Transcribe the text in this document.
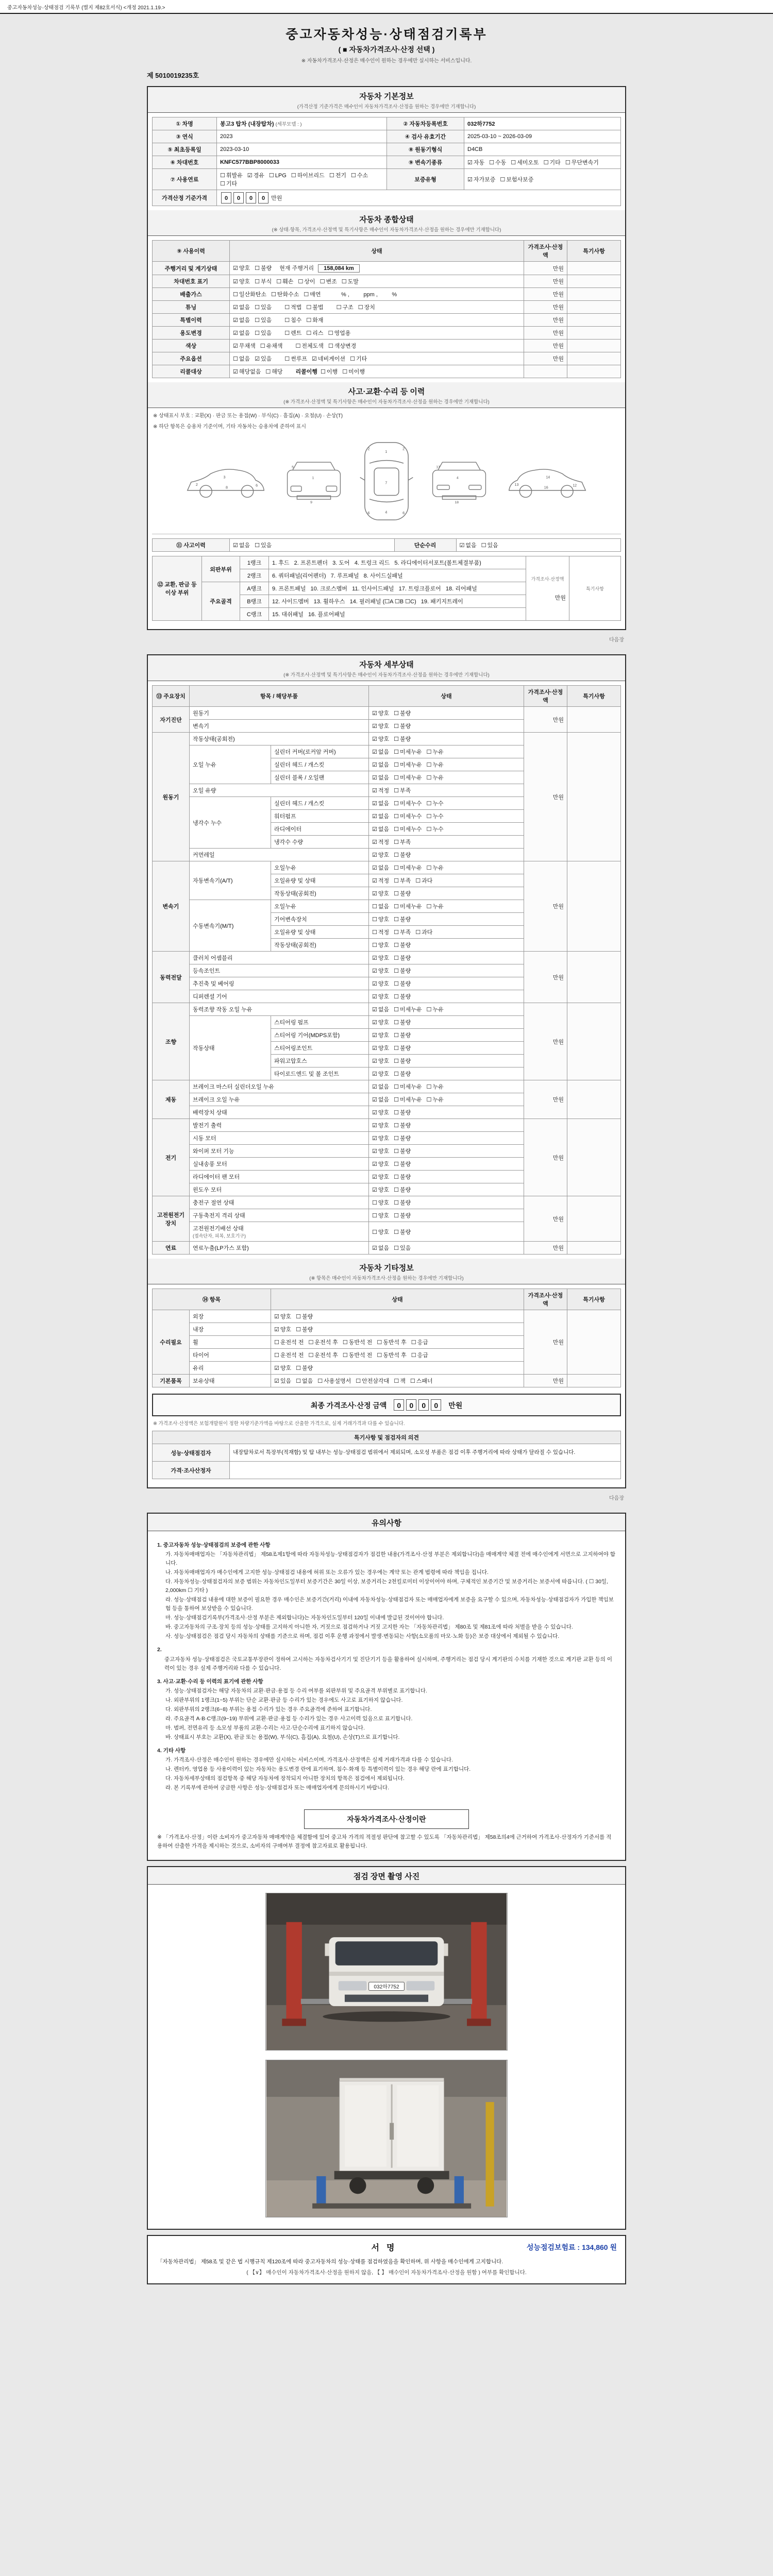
중고자동차성능·상태점검 기록부 (별지 제82호서식) <개정 2021.1.19.>
중고자동차성능·상태점검기록부
( ■ 자동차가격조사·산정 선택 )
※ 자동차가격조사·산정은 매수인이 원하는 경우에만 실시하는 서비스입니다.
제 5010019235호
자동차 기본정보
(가격산정 기준가격은 매수인이 자동차가격조사·산정을 원하는 경우에만 기재합니다)
① 차명	봉고3 탑차 (내장탑차) (세부모델 : )	② 자동차등록번호	032하7752
③ 연식	2023	④ 검사 유효기간	2025-03-10 ~ 2026-03-09
⑤ 최초등록일	2023-03-10	⑧ 원동기형식	D4CB
⑥ 차대번호	KNFC577BBP8000033	⑨ 변속기종류	☑ 자동 ☐ 수동 ☐ 세미오토 ☐ 기타 ☐ 무단변속기
⑦ 사용연료	☐ 휘발유 ☑ 경유 ☐ LPG ☐ 하이브리드 ☐ 전기 ☐ 수소☐ 기타	보증유형	☑ 자가보증 ☐ 보험사보증
가격산정 기준가격	0 0 0 0 만원		
자동차 종합상태
(※ 상태·항목, 가격조사·산정액 및 특기사항은 매수인이 자동차가격조사·산정을 원하는 경우에만 기재합니다)
⑨ 사용이력	상태	가격조사·산정액	특기사항
주행거리 및 계기상태	☑ 양호 ☐ 불량 현재 주행거리 158,084 km	만원	
차대번호 표기	☑ 양호 ☐ 부식 ☐ 훼손 ☐ 상이 ☐ 변조 ☐ 도말	만원	
배출가스	☐ 일산화탄소 ☐ 탄화수소 ☐ 매연        % ,         ppm ,         %	만원	
튜닝	☑ 없음 ☐ 있음 ☐ 적법 ☐ 불법 ☐ 구조 ☐ 장치	만원	
특별이력	☑ 없음 ☐ 있음 ☐ 침수 ☐ 화재	만원	
용도변경	☑ 없음 ☐ 있음 ☐ 렌트 ☐ 리스 ☐ 영업용	만원	
색상	☑ 무채색 ☐ 유채색 ☐ 전체도색 ☐ 색상변경	만원	
주요옵션	☐ 없음 ☑ 있음 ☐ 썬루프 ☑ 네비게이션 ☐ 기타	만원	
리콜대상	☑ 해당없음 ☐ 해당 리콜이행 ☐ 이행 ☐ 미이행		
사고·교환·수리 등 이력
(※ 가격조사·산정액 및 특기사항은 매수인이 자동차가격조사·산정을 원하는 경우에만 기재합니다)
※ 상태표시 부호 : 교환(X) · 판금 또는 용접(W) · 부식(C) · 흠집(A) · 요철(U) · 손상(T)
※ 하단 항목은 승용차 기준이며, 기타 자동차는 승용차에 준하여 표시
3
2	6
8
1
9
5
1
7
4
2	2
6	6
4
18
17
14
13	12
16
⑪ 사고이력	☑ 없음 ☐ 있음	단순수리	☑ 없음 ☐ 있음
⑫ 교환, 판금 등 이상 부위	외판부위	1랭크	1. 후드   2. 프론트펜더   3. 도어   4. 트렁크 리드   5. 라디에이터서포트(볼트체결부품)	가격조사·산정액
만원	특기사항

		2랭크	6. 쿼터패널(리어펜더)   7. 루프패널   8. 사이드실패널		
	주요골격	A랭크	9. 프론트패널   10. 크로스멤버   11. 인사이드패널   17. 트렁크플로어   18. 리어패널		
		B랭크	12. 사이드멤버   13. 휠하우스   14. 필러패널 (☐A ☐B ☐C)   19. 패키지트레이		
		C랭크	15. 대쉬패널   16. 플로어패널		
다음장
자동차 세부상태
(※ 가격조사·산정액 및 특기사항은 매수인이 자동차가격조사·산정을 원하는 경우에만 기재합니다)
⑬ 주요장치	항목 / 해당부품		상태	가격조사·산정액	특기사항
자기진단	원동기		☑ 양호 ☐ 불량	만원	
	변속기		☑ 양호 ☐ 불량		
원동기	작동상태(공회전)		☑ 양호 ☐ 불량	만원	
	오일 누유	실린더 커버(로커암 커버)	☑ 없음 ☐ 미세누유 ☐ 누유		
		실린더 헤드 / 개스킷	☑ 없음 ☐ 미세누유 ☐ 누유		
		실린더 블록 / 오일팬	☑ 없음 ☐ 미세누유 ☐ 누유		
	오일 유량		☑ 적정 ☐ 부족		
	냉각수 누수	실린더 헤드 / 개스킷	☑ 없음 ☐ 미세누수 ☐ 누수		
		워터펌프	☑ 없음 ☐ 미세누수 ☐ 누수		
		라디에이터	☑ 없음 ☐ 미세누수 ☐ 누수		
		냉각수 수량	☑ 적정 ☐ 부족		
	커먼레일		☑ 양호 ☐ 불량		
변속기	자동변속기(A/T)	오일누유	☑ 없음 ☐ 미세누유 ☐ 누유	만원	
		오일유량 및 상태	☑ 적정 ☐ 부족 ☐ 과다		
		작동상태(공회전)	☑ 양호 ☐ 불량		
	수동변속기(M/T)	오일누유	☐ 없음 ☐ 미세누유 ☐ 누유		
		기어변속장치	☐ 양호 ☐ 불량		
		오일유량 및 상태	☐ 적정 ☐ 부족 ☐ 과다		
		작동상태(공회전)	☐ 양호 ☐ 불량		
동력전달	클러치 어셈블리		☑ 양호 ☐ 불량	만원	
	등속조인트		☑ 양호 ☐ 불량		
	추진축 및 베어링		☑ 양호 ☐ 불량		
	디퍼렌셜 기어		☑ 양호 ☐ 불량		
조향	동력조향 작동 오일 누유		☑ 없음 ☐ 미세누유 ☐ 누유	만원	
	작동상태	스티어링 펌프	☑ 양호 ☐ 불량		
		스티어링 기어(MDPS포함)	☑ 양호 ☐ 불량		
		스티어링조인트	☑ 양호 ☐ 불량		
		파워고압호스	☑ 양호 ☐ 불량		
		타이로드엔드 및 볼 조인트	☑ 양호 ☐ 불량		
제동	브레이크 마스터 실린더오일 누유		☑ 없음 ☐ 미세누유 ☐ 누유	만원	
	브레이크 오일 누유		☑ 없음 ☐ 미세누유 ☐ 누유		
	배력장치 상태		☑ 양호 ☐ 불량		
전기	발전기 출력		☑ 양호 ☐ 불량	만원	
	시동 모터		☑ 양호 ☐ 불량		
	와이퍼 모터 기능		☑ 양호 ☐ 불량		
	실내송풍 모터		☑ 양호 ☐ 불량		
	라디에이터 팬 모터		☑ 양호 ☐ 불량		
	윈도우 모터		☑ 양호 ☐ 불량		
고전원전기장치	충전구 절연 상태		☐ 양호 ☐ 불량	만원	
	구동축전지 격리 상태		☐ 양호 ☐ 불량		
	고전원전기배선 상태
(접속단자, 피복, 보호기구)		☐ 양호 ☐ 불량		
연료	연료누출(LP가스 포함)		☑ 없음 ☐ 있음	만원	
자동차 기타정보
(※ 항목은 매수인이 자동차가격조사·산정을 원하는 경우에만 기재합니다)
⑭ 항목		상태	가격조사·산정액	특기사항
수리필요	외장	☑ 양호 ☐ 불량	만원	
	내장	☑ 양호 ☐ 불량		
	휠	☐ 운전석 전 ☐ 운전석 후 ☐ 동반석 전 ☐ 동반석 후 ☐ 응급		
	타이어	☐ 운전석 전 ☐ 운전석 후 ☐ 동반석 전 ☐ 동반석 후 ☐ 응급		
	유리	☑ 양호 ☐ 불량		
기본품목	보유상태	☑ 있음 ☐ 없음 ☐ 사용설명서 ☐ 안전삼각대 ☐ 잭 ☐ 스패너	만원	
최종 가격조사·산정 금액 0 0 0 0 만원
※ 가격조사·산정액은 보험개발원이 정한 차량기준가액을 바탕으로 산출한 가격으로, 실제 거래가격과 다를 수 있습니다.
특기사항 및 점검자의 의견	
성능·상태점검자	내장탑차로서 특장부(적재함) 및 탑 내부는 성능·상태점검 범위에서 제외되며, 소모성 부품은 점검 이후 주행거리에 따라 상태가 달라질 수 있습니다.
가격·조사산정자	
다음장
유의사항
1. 중고자동차 성능·상태점검의 보증에 관한 사항
가. 자동차매매업자는 「자동차관리법」 제58조제1항에 따라 자동차성능·상태점검자가 점검한 내용(가격조사·산정 부분은 제외합니다)을 매매계약 체결 전에 매수인에게 서면으로 고지하여야 합니다.
나. 자동차매매업자가 매수인에게 고지한 성능·상태점검 내용에 허위 또는 오류가 있는 경우에는 계약 또는 관계 법령에 따라 책임을 집니다.
다. 자동차성능·상태점검자의 보증 범위는 자동차인도일부터 보증기간은 30일 이상, 보증거리는 2천킬로미터 이상이어야 하며, 구체적인 보증기간 및 보증거리는 보증서에 따릅니다. ( ☐ 30일, 2,000km ☐ 기타 )
라. 성능·상태점검 내용에 대한 보증이 필요한 경우 매수인은 보증기간(거리) 이내에 자동차성능·상태점검자 또는 매매업자에게 보증을 요구할 수 있으며, 자동차성능·상태점검자가 가입한 책임보험 등을 통하여 보상받을 수 있습니다.
마. 성능·상태점검기록부(가격조사·산정 부분은 제외합니다)는 자동차인도일부터 120일 이내에 발급된 것이어야 합니다.
바. 중고자동차의 구조·장치 등의 성능·상태를 고지하지 아니한 자, 거짓으로 점검하거나 거짓 고지한 자는 「자동차관리법」 제80조 및 제81조에 따라 처벌을 받을 수 있습니다.
사. 성능·상태점검은 점검 당시 자동차의 상태를 기준으로 하며, 점검 이후 운행 과정에서 발생·변동되는 사항(소모품의 마모·노화 등)은 보증 대상에서 제외될 수 있습니다.
2.
중고자동차 성능·상태점검은 국토교통부장관이 정하여 고시하는 자동차검사기기 및 진단기기 등을 활용하여 실시하며, 주행거리는 점검 당시 계기판의 수치를 기재한 것으로 계기판 교환 등의 이력이 있는 경우 실제 주행거리와 다를 수 있습니다.
3. 사고·교환·수리 등 이력의 표기에 관한 사항
가. 성능·상태점검자는 해당 자동차의 교환·판금·용접 등 수리 여부를 외판부위 및 주요골격 부위별로 표기합니다.
나. 외판부위의 1랭크(1~5) 부위는 단순 교환·판금 등 수리가 있는 경우에도 사고로 표기하지 않습니다.
다. 외판부위의 2랭크(6~8) 부위는 용접 수리가 있는 경우 주요골격에 준하여 표기합니다.
라. 주요골격 A·B·C랭크(9~19) 부위에 교환·판금·용접 등 수리가 있는 경우 사고이력 있음으로 표기합니다.
마. 범퍼, 전면유리 등 소모성 부품의 교환·수리는 사고·단순수리에 표기하지 않습니다.
바. 상태표시 부호는 교환(X), 판금 또는 용접(W), 부식(C), 흠집(A), 요철(U), 손상(T)으로 표기합니다.
4. 기타 사항
가. 가격조사·산정은 매수인이 원하는 경우에만 실시하는 서비스이며, 가격조사·산정액은 실제 거래가격과 다를 수 있습니다.
나. 렌터카, 영업용 등 사용이력이 있는 자동차는 용도변경 란에 표기하며, 침수·화재 등 특별이력이 있는 경우 해당 란에 표기합니다.
다. 자동차세부상태의 점검항목 중 해당 자동차에 장착되지 아니한 장치의 항목은 점검에서 제외됩니다.
라. 본 기록부에 관하여 궁금한 사항은 성능·상태점검자 또는 매매업자에게 문의하시기 바랍니다.
자동차가격조사·산정이란
※ 「가격조사·산정」이란 소비자가 중고자동차 매매계약을 체결함에 있어 중고차 가격의 적절성 판단에 참고할 수 있도록 「자동차관리법」 제58조의4에 근거하여 가격조사·산정자가 기준서를 적용하여 산출한 가격을 제시하는 것으로, 소비자의 구매여부 결정에 참고자료로 활용됩니다.
점검 장면 촬영 사진
032하7752
서명	성능점검보험료 : 134,860 원
「자동차관리법」 제58조 및 같은 법 시행규칙 제120조에 따라 중고자동차의 성능·상태를 점검하였음을 확인하며, 위 사항을 매수인에게 고지합니다.
( 【∨】 매수인이 자동차가격조사·산정을 원하지 않음, 【 】 매수인이 자동차가격조사·산정을 원함 ) 여부를 확인합니다.
